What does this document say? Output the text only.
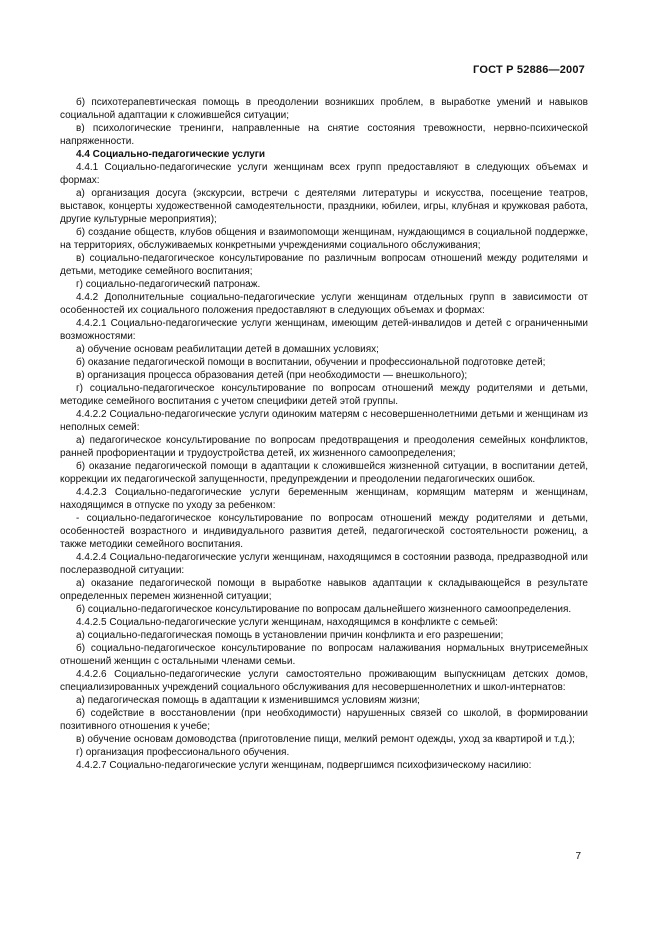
ГОСТ Р 52886—2007

б) психотерапевтическая помощь в преодолении возникших проблем, в выработке умений и навыков социальной адаптации к сложившейся ситуации;

в) психологические тренинги, направленные на снятие состояния тревожности, нервно-психической напряженности.

4.4 Социально-педагогические услуги

4.4.1 Социально-педагогические услуги женщинам всех групп предоставляют в следующих объемах и формах:

а) организация досуга (экскурсии, встречи с деятелями литературы и искусства, посещение театров, выставок, концерты художественной самодеятельности, праздники, юбилеи, игры, клубная и кружковая работа, другие культурные мероприятия);

б) создание обществ, клубов общения и взаимопомощи женщинам, нуждающимся в социальной поддержке, на территориях, обслуживаемых конкретными учреждениями социального обслуживания;

в) социально-педагогическое консультирование по различным вопросам отношений между родителями и детьми, методике семейного воспитания;

г) социально-педагогический патронаж.

4.4.2 Дополнительные социально-педагогические услуги женщинам отдельных групп в зависимости от особенностей их социального положения предоставляют в следующих объемах и формах:

4.4.2.1 Социально-педагогические услуги женщинам, имеющим детей-инвалидов и детей с ограниченными возможностями:

а) обучение основам реабилитации детей в домашних условиях;

б) оказание педагогической помощи в воспитании, обучении и профессиональной подготовке детей;

в) организация процесса образования детей (при необходимости — внешкольного);

г) социально-педагогическое консультирование по вопросам отношений между родителями и детьми, методике семейного воспитания с учетом специфики детей этой группы.

4.4.2.2 Социально-педагогические услуги одиноким матерям с несовершеннолетними детьми и женщинам из неполных семей:

а) педагогическое консультирование по вопросам предотвращения и преодоления семейных конфликтов, ранней профориентации и трудоустройства детей, их жизненного самоопределения;

б) оказание педагогической помощи в адаптации к сложившейся жизненной ситуации, в воспитании детей, коррекции их педагогической запущенности, предупреждении и преодолении педагогических ошибок.

4.4.2.3 Социально-педагогические услуги беременным женщинам, кормящим матерям и женщинам, находящимся в отпуске по уходу за ребенком:

- социально-педагогическое консультирование по вопросам отношений между родителями и детьми, особенностей возрастного и индивидуального развития детей, педагогической состоятельности рожениц, а также методики семейного воспитания.

4.4.2.4 Социально-педагогические услуги женщинам, находящимся в состоянии развода, предразводной или послеразводной ситуации:

а) оказание педагогической помощи в выработке навыков адаптации к складывающейся в результате определенных перемен жизненной ситуации;

б) социально-педагогическое консультирование по вопросам дальнейшего жизненного самоопределения.

4.4.2.5 Социально-педагогические услуги женщинам, находящимся в конфликте с семьей:

а) социально-педагогическая помощь в установлении причин конфликта и его разрешении;

б) социально-педагогическое консультирование по вопросам налаживания нормальных внутрисемейных отношений женщин с остальными членами семьи.

4.4.2.6 Социально-педагогические услуги самостоятельно проживающим выпускницам детских домов, специализированных учреждений социального обслуживания для несовершеннолетних и школ-интернатов:

а) педагогическая помощь в адаптации к изменившимся условиям жизни;

б) содействие в восстановлении (при необходимости) нарушенных связей со школой, в формировании позитивного отношения к учебе;

в) обучение основам домоводства (приготовление пищи, мелкий ремонт одежды, уход за квартирой и т.д.);

г) организация профессионального обучения.

4.4.2.7 Социально-педагогические услуги женщинам, подвергшимся психофизическому насилию:

7
